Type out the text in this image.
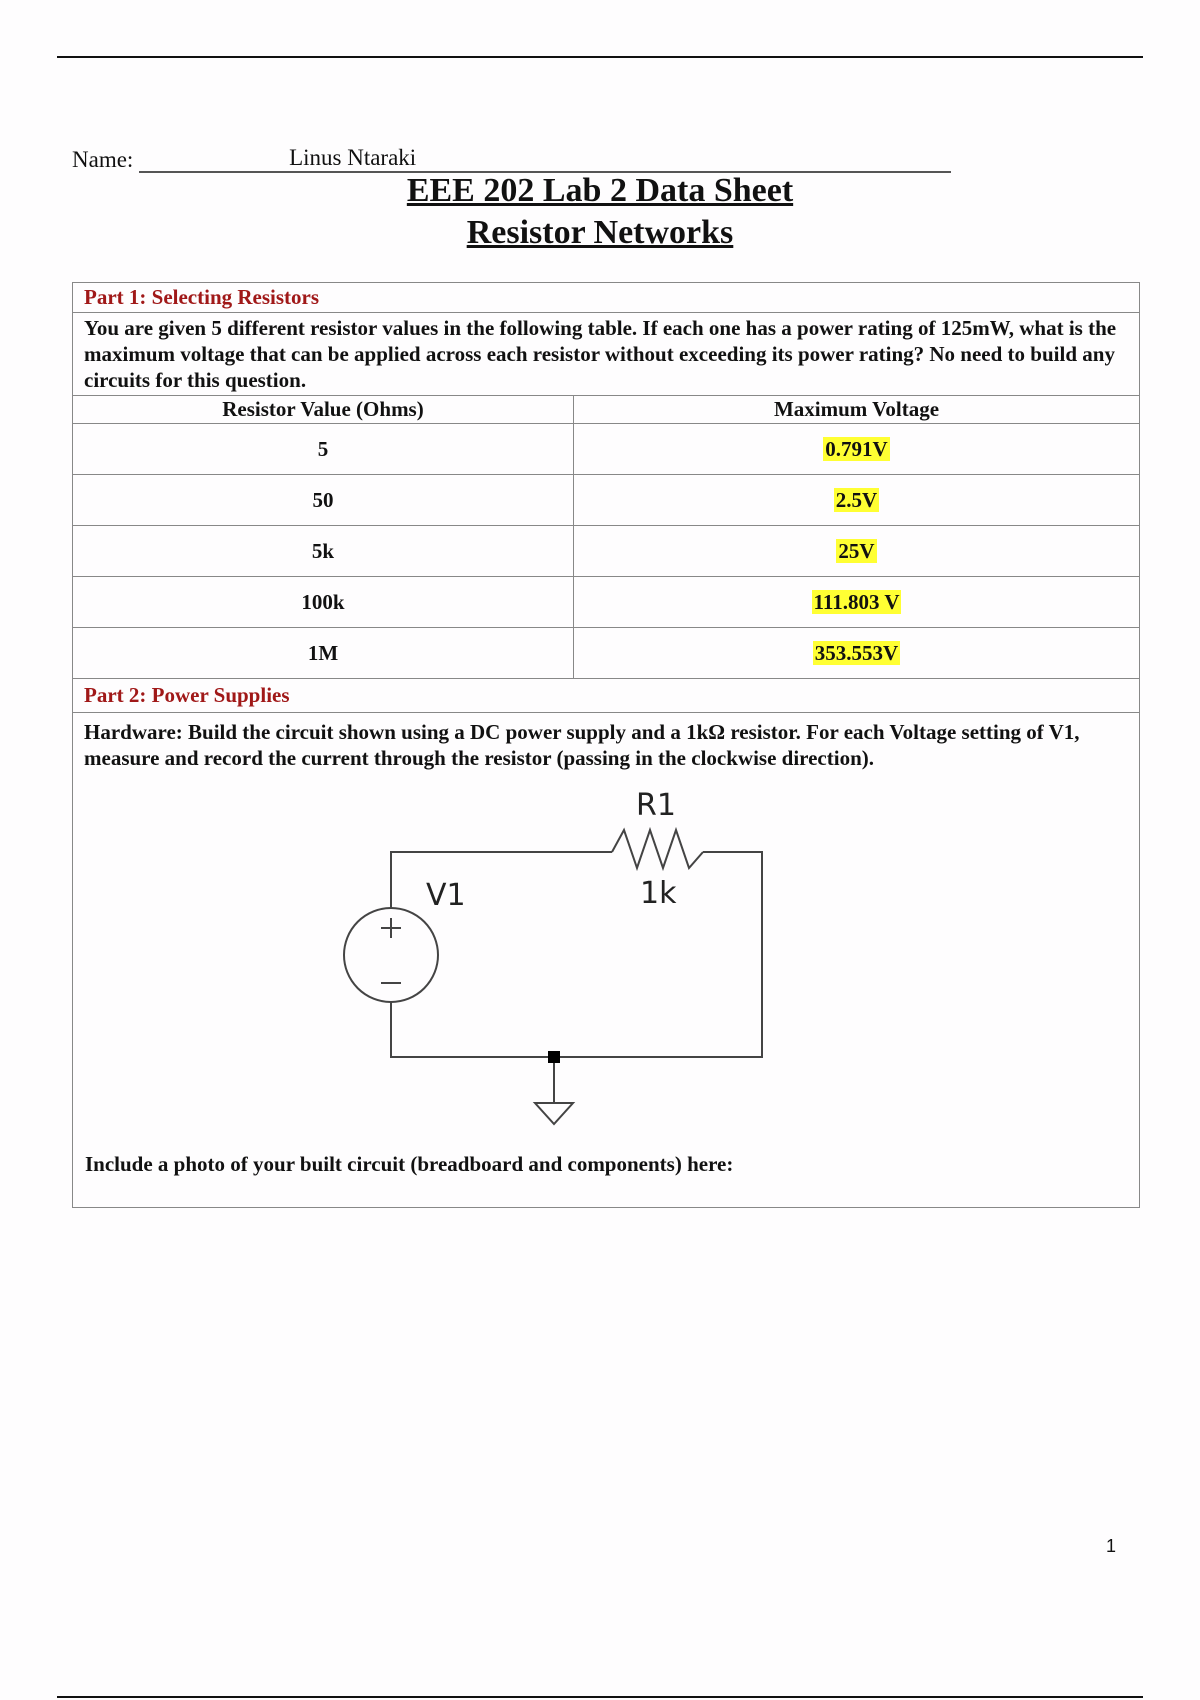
Name:	Linus Ntaraki
EEE 202 Lab 2 Data Sheet
Resistor Networks
Part 1: Selecting Resistors	
You are given 5 different resistor values in the following table. If each one has a power rating of 125mW, what is the maximum voltage that can be applied across each resistor without exceeding its power rating? No need to build any circuits for this question.	
Resistor Value (Ohms)	Maximum Voltage
5	0.791V
50	2.5V
5k	25V
100k	111.803 V
1M	353.553V
Part 2: Power Supplies	
Hardware: Build the circuit shown using a DC power supply and a 1kΩ resistor. For each Voltage setting of V1, measure and record the current through the resistor (passing in the clockwise direction).	
R1
1k
V1
Include a photo of your built circuit (breadboard and components) here:
1
